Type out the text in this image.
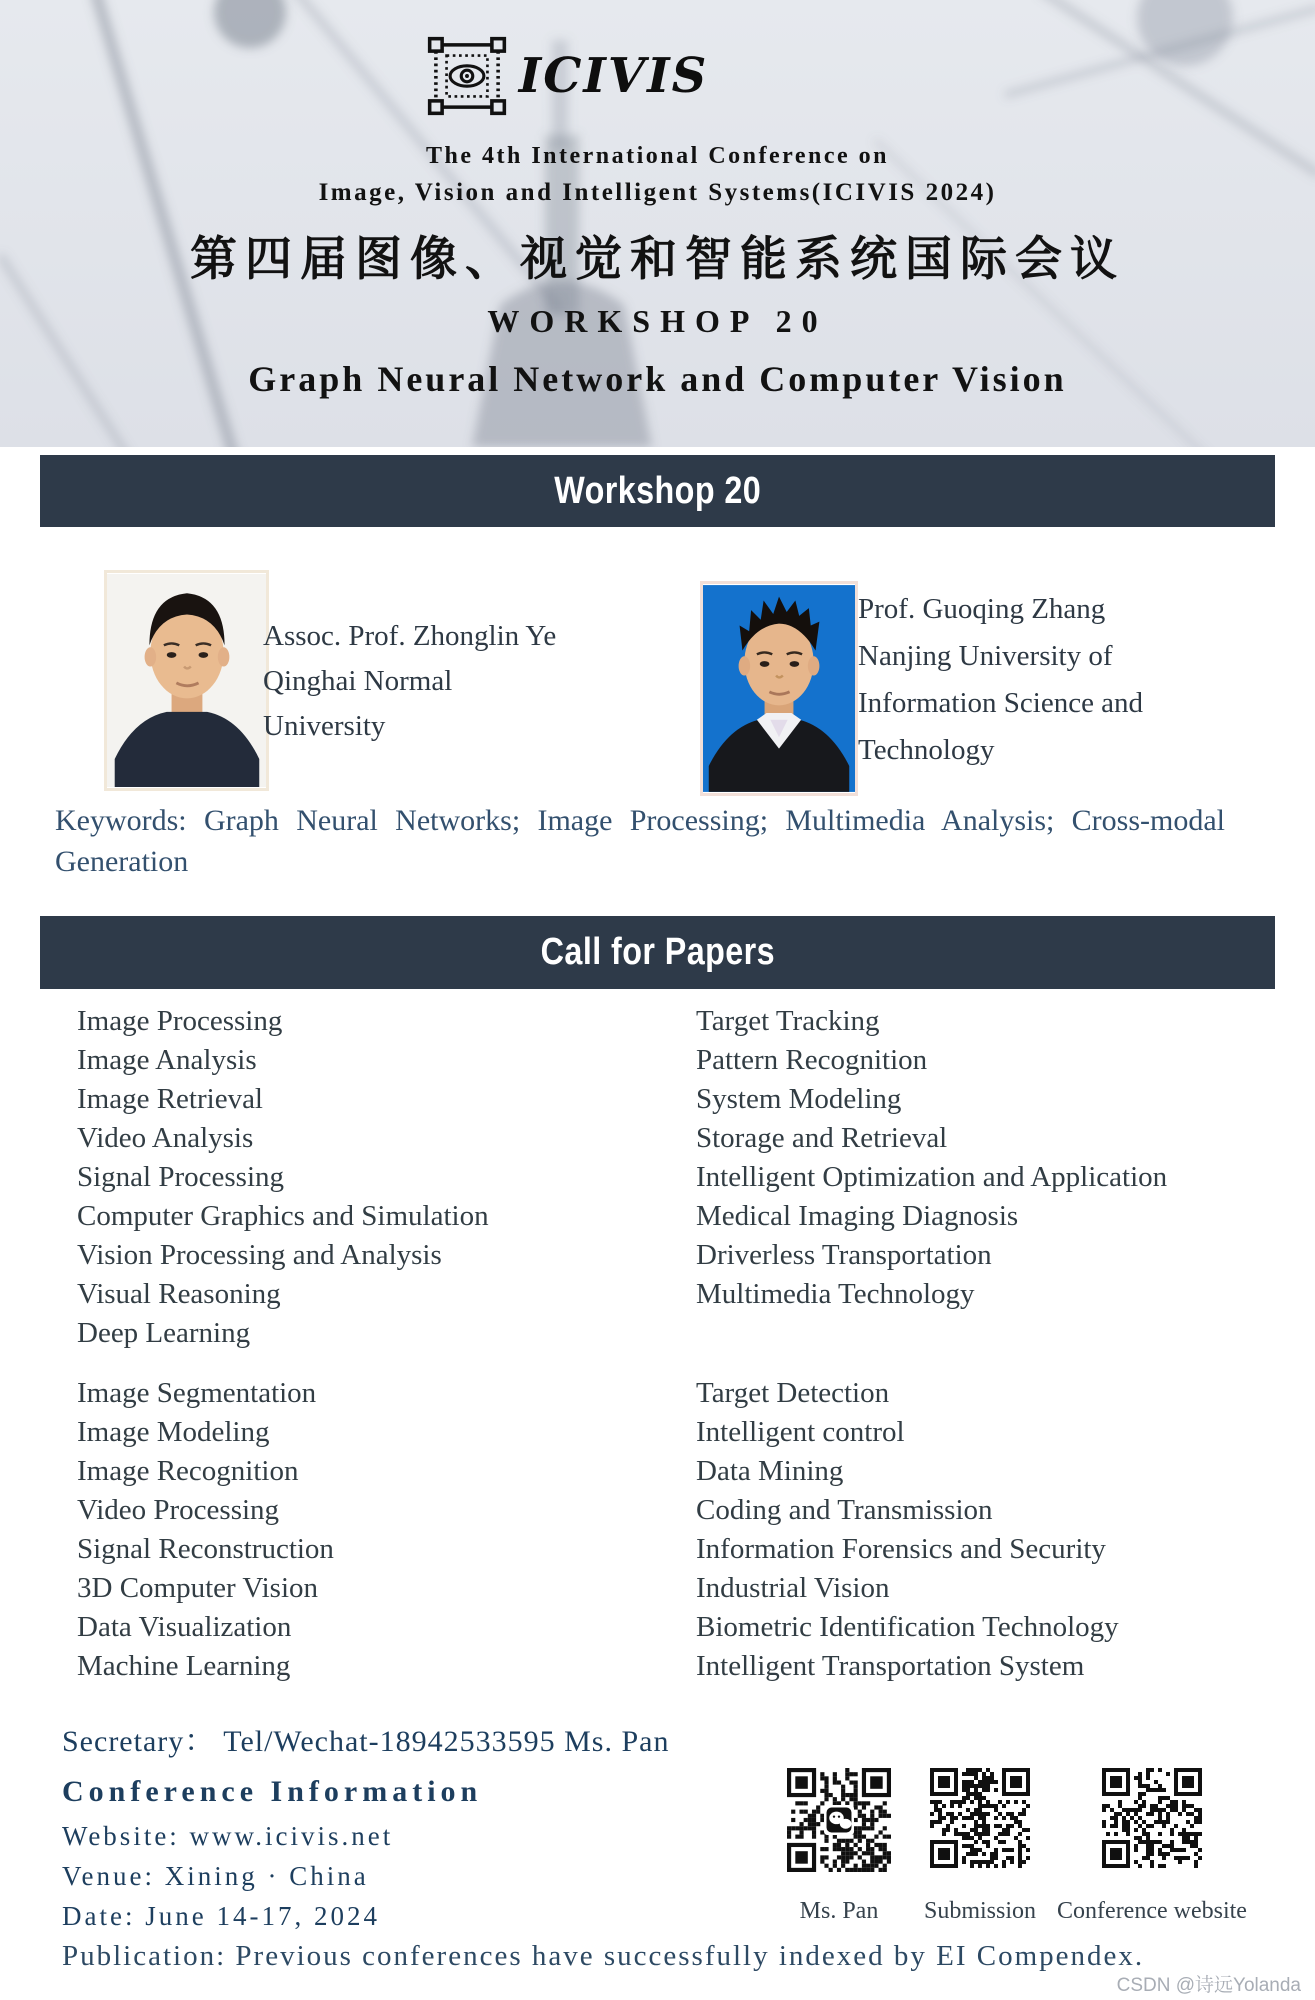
ICIVIS
The 4th International Conference on
Image, Vision and Intelligent Systems(ICIVIS 2024)
第四届图像、视觉和智能系统国际会议
WORKSHOP 20
Graph Neural Network and Computer Vision
Workshop 20
Assoc. Prof. Zhonglin Ye
Qinghai Normal
University
Prof. Guoqing Zhang
Nanjing University of
Information Science and
Technology

Keywords: Graph Neural Networks; Image Processing; Multimedia Analysis; Cross-modal Generation

Call for Papers
Image Processing
Image Analysis
Image Retrieval
Video Analysis
Signal Processing
Computer Graphics and Simulation
Vision Processing and Analysis
Visual Reasoning
Deep Learning
Target Tracking
Pattern Recognition
System Modeling
Storage and Retrieval
Intelligent Optimization and Application
Medical Imaging Diagnosis
Driverless Transportation
Multimedia Technology
Image Segmentation
Image Modeling
Image Recognition
Video Processing
Signal Reconstruction
3D Computer Vision
Data Visualization
Machine Learning
Target Detection
Intelligent control
Data Mining
Coding and Transmission
Information Forensics and Security
Industrial Vision
Biometric Identification Technology
Intelligent Transportation System

Secretary： Tel/Wechat-18942533595 Ms. Pan

Conference Information

Website: www.icivis.net

Venue: Xining · China

Date: June 14-17, 2024

Publication: Previous conferences have successfully indexed by EI Compendex.

Ms. Pan Submission Conference website

CSDN @诗远Yolanda
